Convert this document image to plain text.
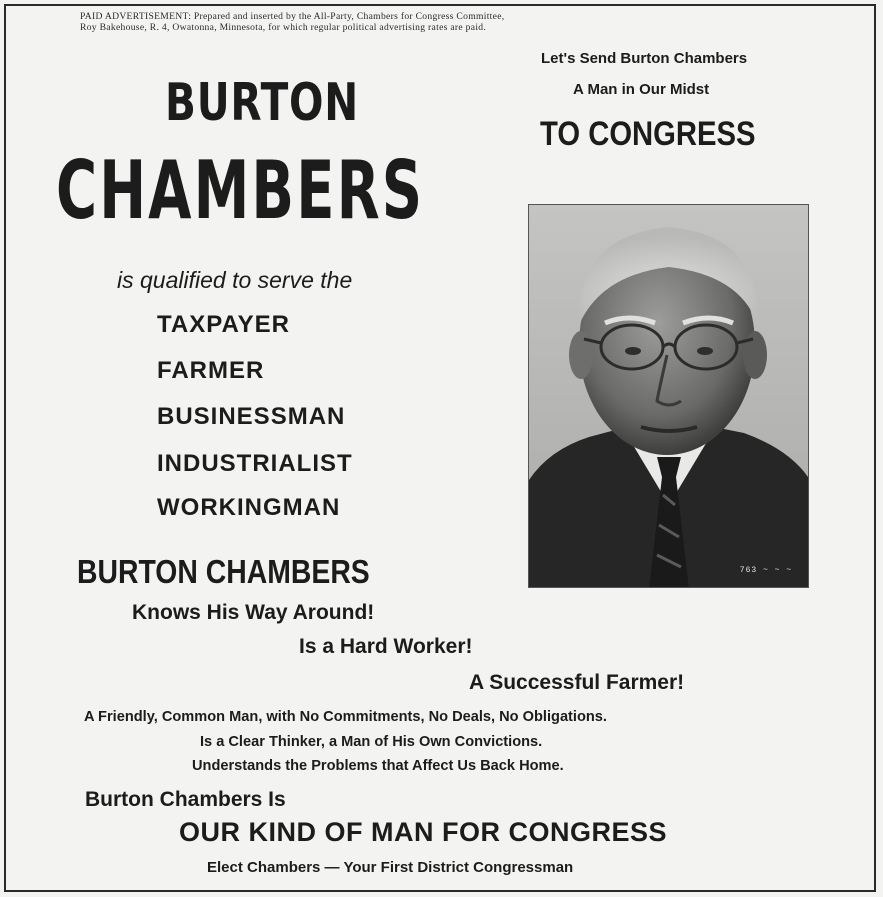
PAID ADVERTISEMENT: Prepared and inserted by the All-Party, Chambers for Congress Committee,
Roy Bakehouse, R. 4, Owatonna, Minnesota, for which regular political advertising rates are paid.
BURTON
CHAMBERS
Let's Send Burton Chambers
A Man in Our Midst
TO CONGRESS
is qualified to serve the
TAXPAYER
FARMER
BUSINESSMAN
INDUSTRIALIST
WORKINGMAN
763 ~ ~ ~
BURTON CHAMBERS
Knows His Way Around!
Is a Hard Worker!
A Successful Farmer!
A Friendly, Common Man, with No Commitments, No Deals, No Obligations.
Is a Clear Thinker, a Man of His Own Convictions.
Understands the Problems that Affect Us Back Home.
Burton Chambers Is
OUR KIND OF MAN FOR CONGRESS
Elect Chambers — Your First District Congressman
